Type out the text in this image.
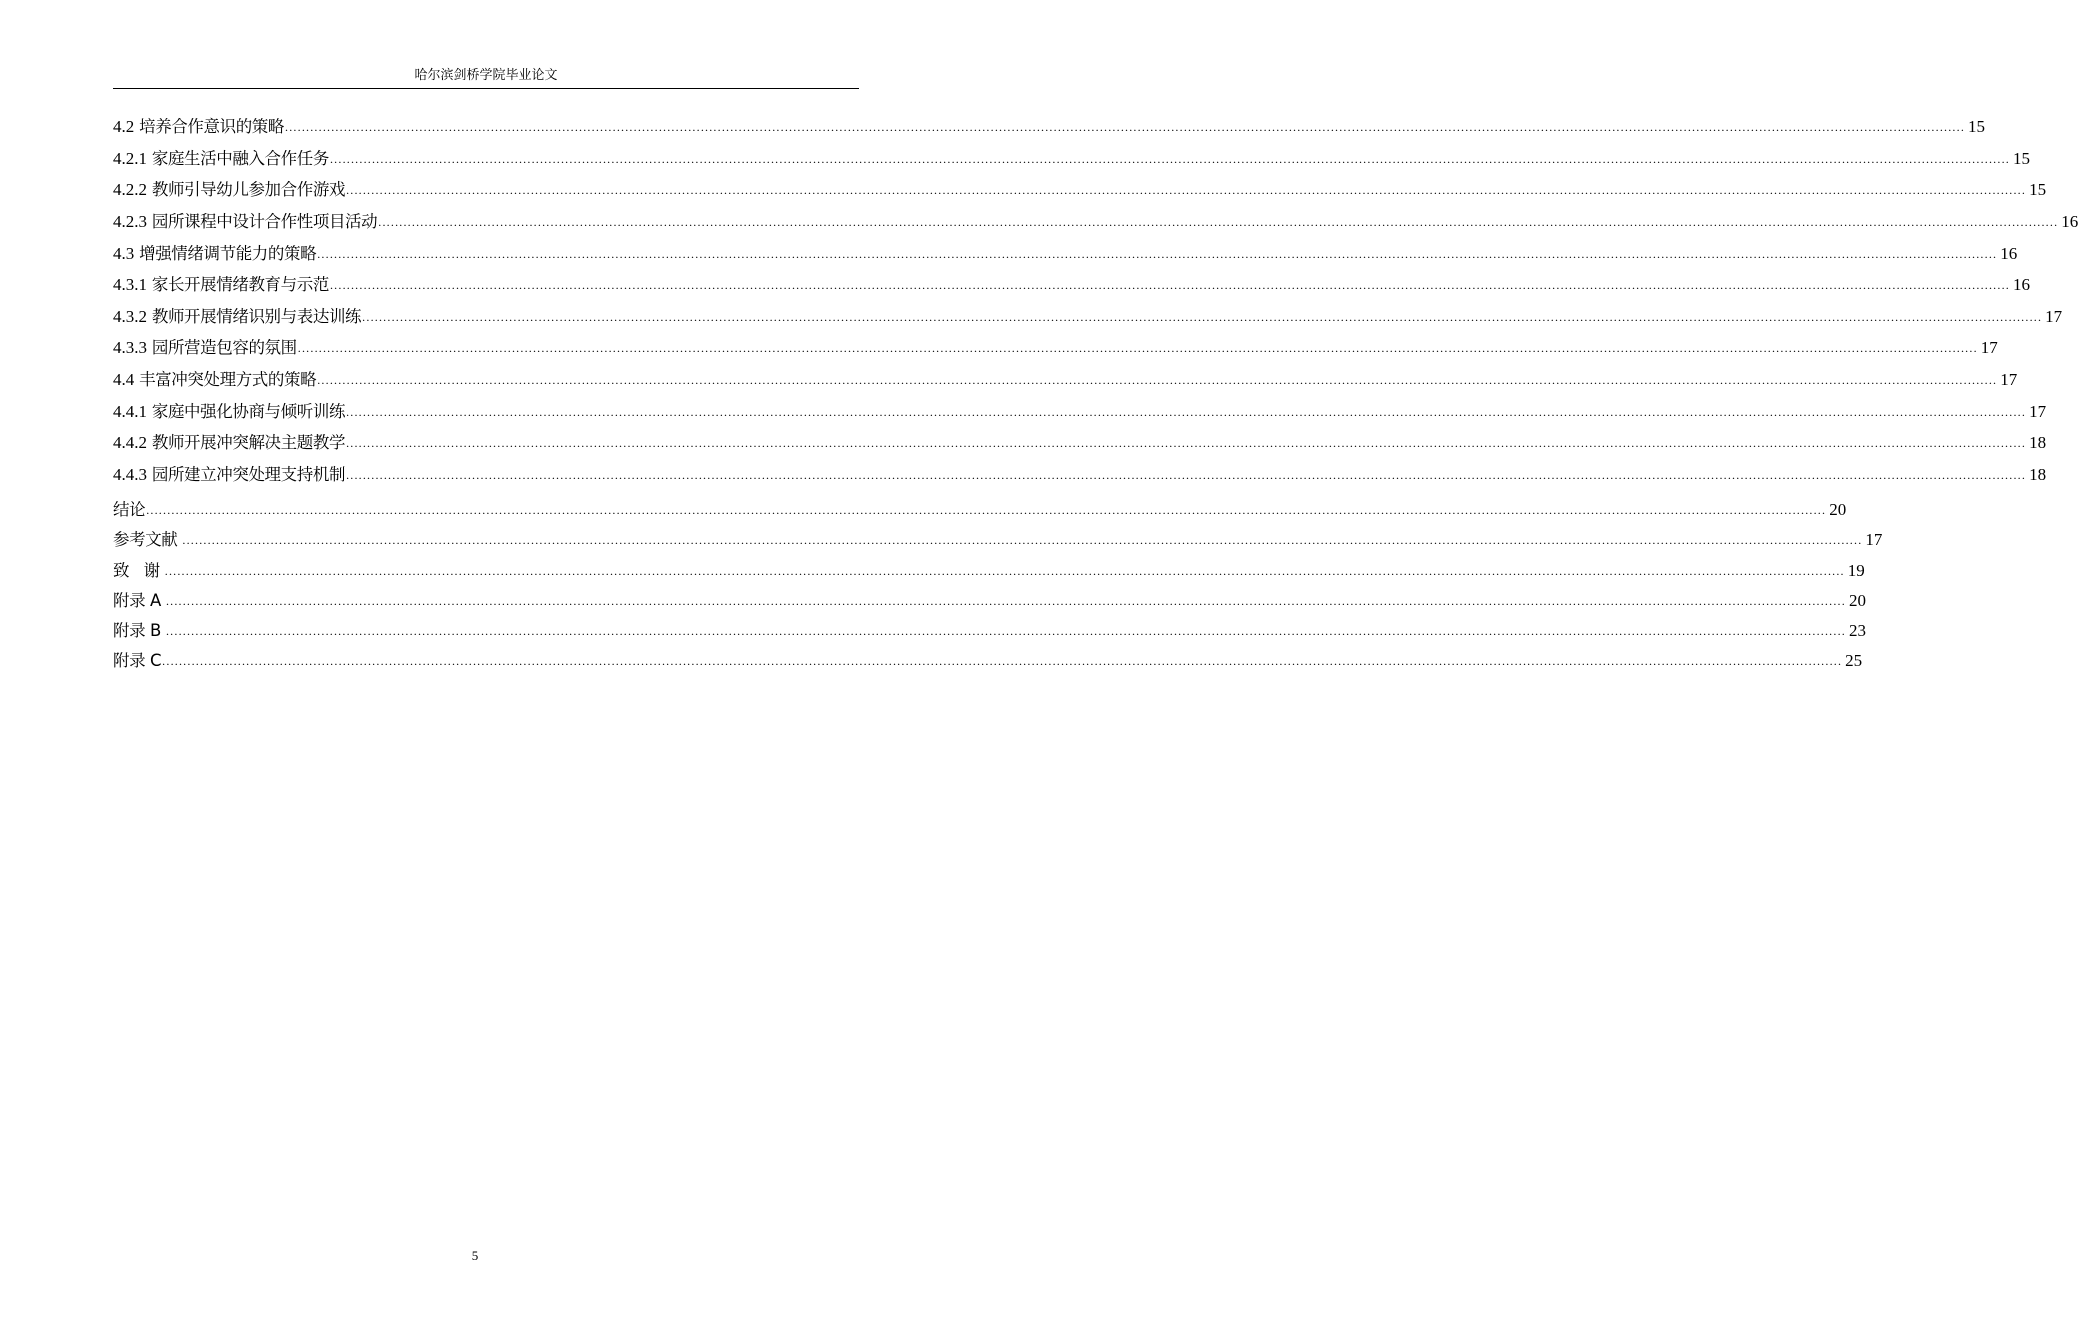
哈尔滨剑桥学院毕业论文
4.2 培养合作意识的策略 ................................................................................................................................................................................................................................................................................................................................................................................................................ 15
4.2.1 家庭生活中融入合作任务 ................................................................................................................................................................................................................................................................................................................................................................................................................ 15
4.2.2 教师引导幼儿参加合作游戏 ................................................................................................................................................................................................................................................................................................................................................................................................................ 15
4.2.3 园所课程中设计合作性项目活动 ................................................................................................................................................................................................................................................................................................................................................................................................................ 16
4.3 增强情绪调节能力的策略 ................................................................................................................................................................................................................................................................................................................................................................................................................ 16
4.3.1 家长开展情绪教育与示范 ................................................................................................................................................................................................................................................................................................................................................................................................................ 16
4.3.2 教师开展情绪识别与表达训练 ................................................................................................................................................................................................................................................................................................................................................................................................................ 17
4.3.3 园所营造包容的氛围 ................................................................................................................................................................................................................................................................................................................................................................................................................ 17
4.4 丰富冲突处理方式的策略 ................................................................................................................................................................................................................................................................................................................................................................................................................ 17
4.4.1 家庭中强化协商与倾听训练 ................................................................................................................................................................................................................................................................................................................................................................................................................ 17
4.4.2 教师开展冲突解决主题教学 ................................................................................................................................................................................................................................................................................................................................................................................................................ 18
4.4.3 园所建立冲突处理支持机制 ................................................................................................................................................................................................................................................................................................................................................................................................................ 18
结论 ................................................................................................................................................................................................................................................................................................................................................................................................................ 20
参考文献 ................................................................................................................................................................................................................................................................................................................................................................................................................ 17
致   谢 ................................................................................................................................................................................................................................................................................................................................................................................................................ 19
附录 A ................................................................................................................................................................................................................................................................................................................................................................................................................ 20
附录 B ................................................................................................................................................................................................................................................................................................................................................................................................................ 23
附录 C ................................................................................................................................................................................................................................................................................................................................................................................................................ 25
5
